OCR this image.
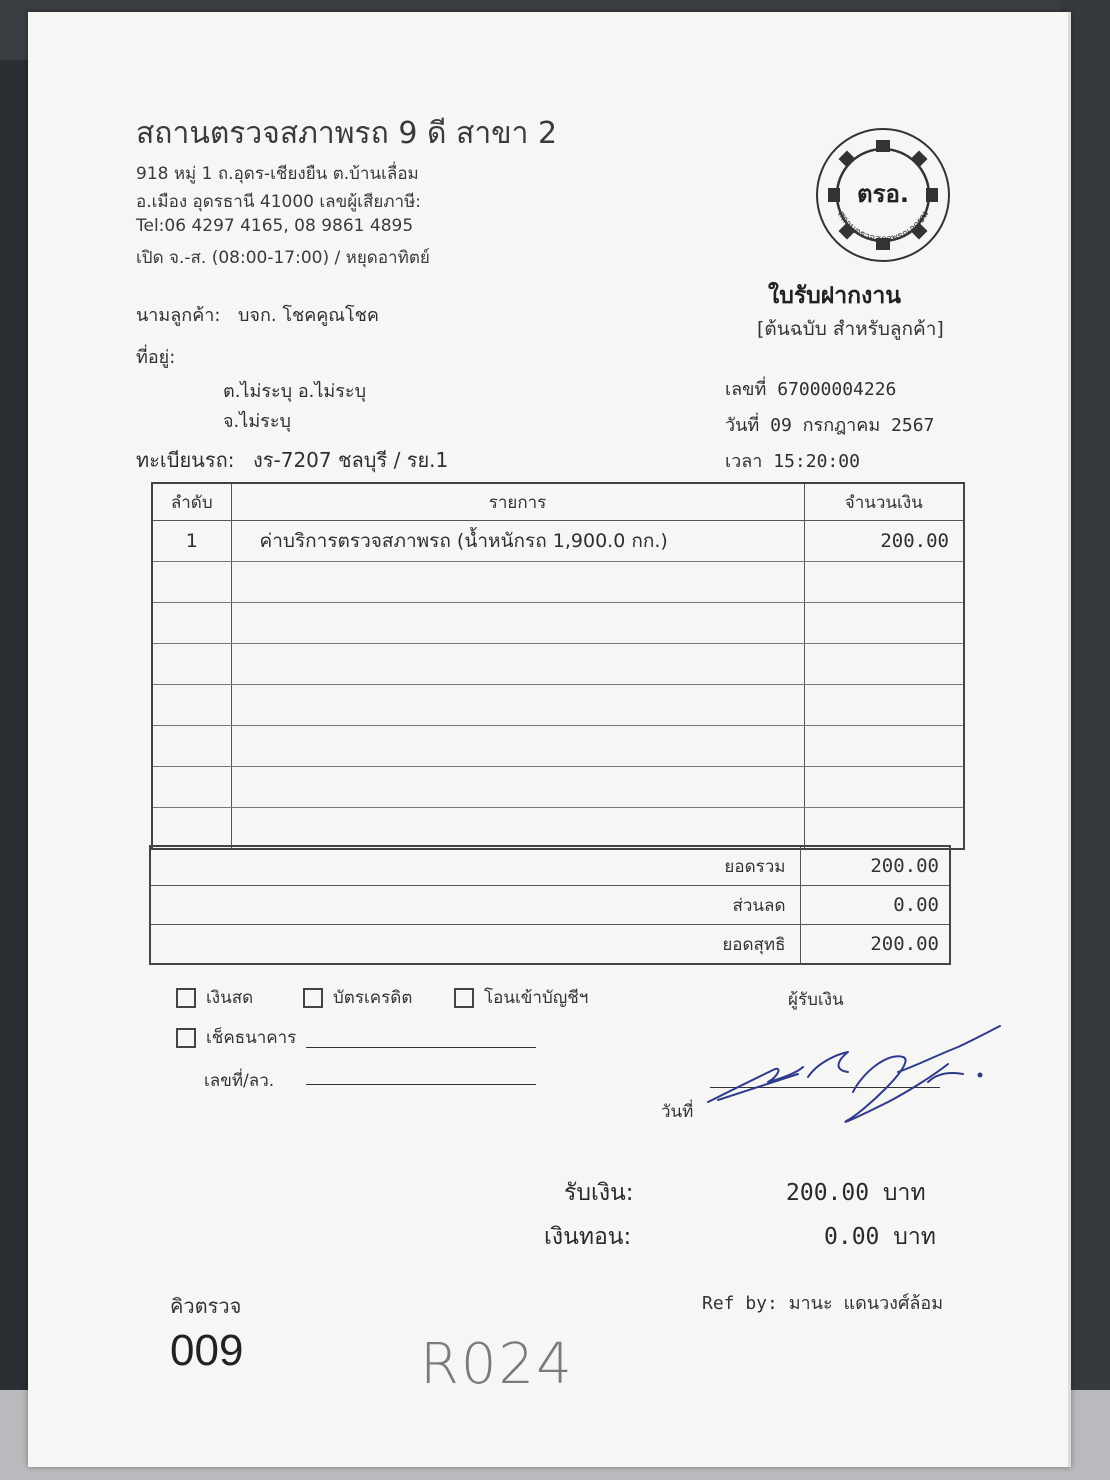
สถานตรวจสภาพรถ 9 ดี สาขา 2
918 หมู่ 1 ถ.อุดร-เชียงยืน ต.บ้านเลื่อม
อ.เมือง อุดรธานี 41000 เลขผู้เสียภาษี:
Tel:06 4297 4165, 08 9861 4895
เปิด จ.-ส. (08:00-17:00) / หยุดอาทิตย์
ตรอ.
สถานตรวจสภาพรถเอกชน
ใบรับฝากงาน
[ต้นฉบับ สำหรับลูกค้า]
นามลูกค้า: บจก. โชคคูณโชค
ที่อยู่:
ต.ไม่ระบุ อ.ไม่ระบุ
จ.ไม่ระบุ
ทะเบียนรถ: งร-7207 ชลบุรี / รย.1
เลขที่ 67000004226
วันที่ 09 กรกฎาคม 2567
เวลา 15:20:00
ลำดับ	รายการ	จำนวนเงิน
1	ค่าบริการตรวจสภาพรถ (น้ำหนักรถ 1,900.0 กก.)	200.00

ยอดรวม	200.00
ส่วนลด	0.00
ยอดสุทธิ	200.00
เงินสด	บัตรเครดิต	โอนเข้าบัญชีฯ
เช็คธนาคาร
เลขที่/ลว.
ผู้รับเงิน
วันที่
รับเงิน:	200.00 บาท
เงินทอน:	0.00 บาท
Ref by: มานะ แดนวงศ์ล้อม
คิวตรวจ
009	R024
